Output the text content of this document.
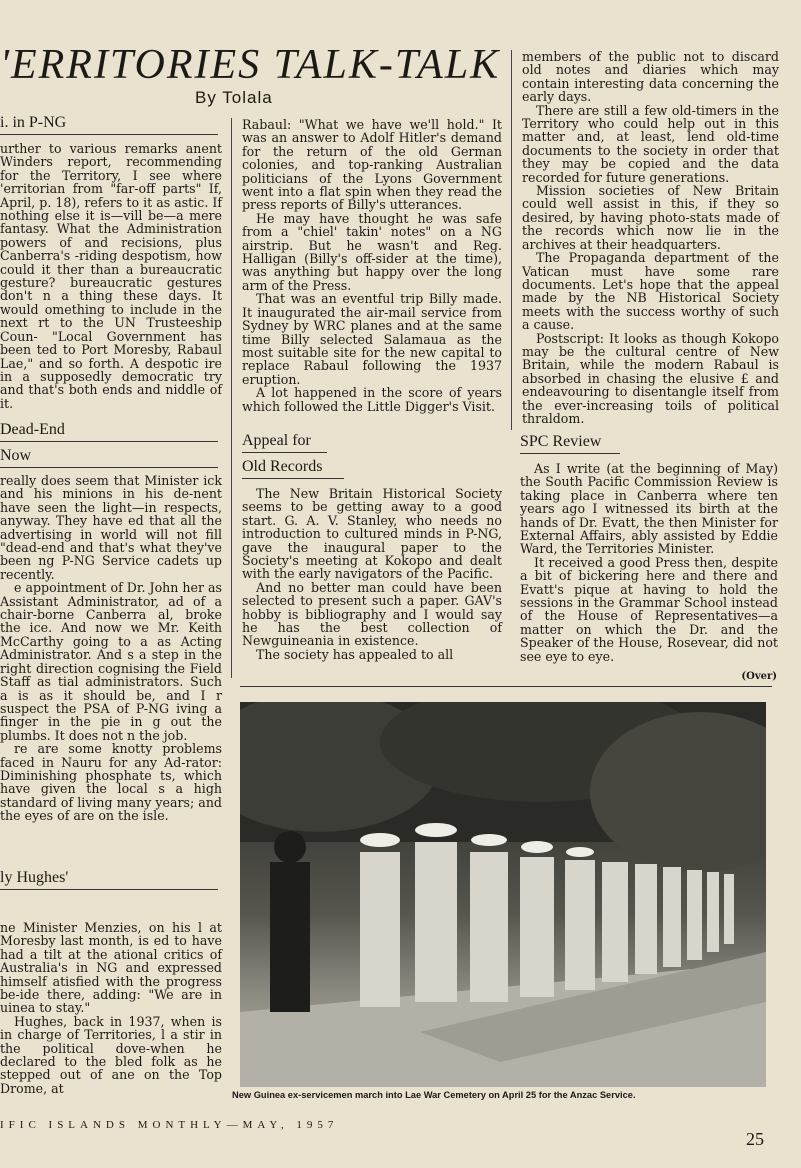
'ERRITORIES TALK-TALK
By Tolala
i. in P-NG

urther to various remarks anent Winders report, recommending for the Territory, I see where 'erritorian from "far-off parts" If, April, p. 18), refers to it as astic. If nothing else it is—vill be—a mere fantasy. What the Administration powers of and recisions, plus Canberra's -riding despotism, how could it ther than a bureaucratic gesture? bureaucratic gestures don't n a thing these days. It would omething to include in the next rt to the UN Trusteeship Coun- "Local Government has been ted to Port Moresby, Rabaul Lae," and so forth. A despotic ire in a supposedly democratic try and that's both ends and niddle of it.

Dead-End
Now

really does seem that Minister ick and his minions in his de-nent have seen the light—in respects, anyway. They have ed that all the advertising in world will not fill "dead-end and that's what they've been ng P-NG Service cadets up recently.

e appointment of Dr. John her as Assistant Administrator, ad of a chair-borne Canberra al, broke the ice. And now we Mr. Keith McCarthy going to a as Acting Administrator. And s a step in the right direction cognising the Field Staff as tial administrators. Such a is as it should be, and I r suspect the PSA of P-NG iving a finger in the pie in g out the plumbs. It does not n the job.

re are some knotty problems faced in Nauru for any Ad-rator: Diminishing phosphate ts, which have given the local s a high standard of living many years; and the eyes of are on the isle.

ly Hughes'

ne Minister Menzies, on his l at Moresby last month, is ed to have had a tilt at the ational critics of Australia's in NG and expressed himself atisfied with the progress be-ide there, adding: "We are in uinea to stay."

Hughes, back in 1937, when is in charge of Territories, l a stir in the political dove-when he declared to the bled folk as he stepped out of ane on the Top Drome, at

Rabaul: "What we have we'll hold." It was an answer to Adolf Hitler's demand for the return of the old German colonies, and top-ranking Australian politicians of the Lyons Government went into a flat spin when they read the press reports of Billy's utterances.

He may have thought he was safe from a "chiel' takin' notes" on a NG airstrip. But he wasn't and Reg. Halligan (Billy's off-sider at the time), was anything but happy over the long arm of the Press.

That was an eventful trip Billy made. It inaugurated the air-mail service from Sydney by WRC planes and at the same time Billy selected Salamaua as the most suitable site for the new capital to replace Rabaul following the 1937 eruption.

A lot happened in the score of years which followed the Little Digger's Visit.

Appeal for
Old Records

The New Britain Historical Society seems to be getting away to a good start. G. A. V. Stanley, who needs no introduction to cultured minds in P-NG, gave the inaugural paper to the Society's meeting at Kokopo and dealt with the early navigators of the Pacific.

And no better man could have been selected to present such a paper. GAV's hobby is bibliography and I would say he has the best collection of Newguineania in existence.

The society has appealed to all

members of the public not to discard old notes and diaries which may contain interesting data concerning the early days.

There are still a few old-timers in the Territory who could help out in this matter and, at least, lend old-time documents to the society in order that they may be copied and the data recorded for future generations.

Mission societies of New Britain could well assist in this, if they so desired, by having photo-stats made of the records which now lie in the archives at their headquarters.

The Propaganda department of the Vatican must have some rare documents. Let's hope that the appeal made by the NB Historical Society meets with the success worthy of such a cause.

Postscript: It looks as though Kokopo may be the cultural centre of New Britain, while the modern Rabaul is absorbed in chasing the elusive £ and endeavouring to disentangle itself from the ever-increasing toils of political thraldom.

SPC Review

As I write (at the beginning of May) the South Pacific Commission Review is taking place in Canberra where ten years ago I witnessed its birth at the hands of Dr. Evatt, the then Minister for External Affairs, ably assisted by Eddie Ward, the Territories Minister.

It received a good Press then, despite a bit of bickering here and there and Evatt's pique at having to hold the sessions in the Grammar School instead of the House of Representatives—a matter on which the Dr. and the Speaker of the House, Rosevear, did not see eye to eye.

(Over)
New Guinea ex-servicemen march into Lae War Cemetery on April 25 for the Anzac Service.
IFIC ISLANDS MONTHLY—MAY, 1957
25
